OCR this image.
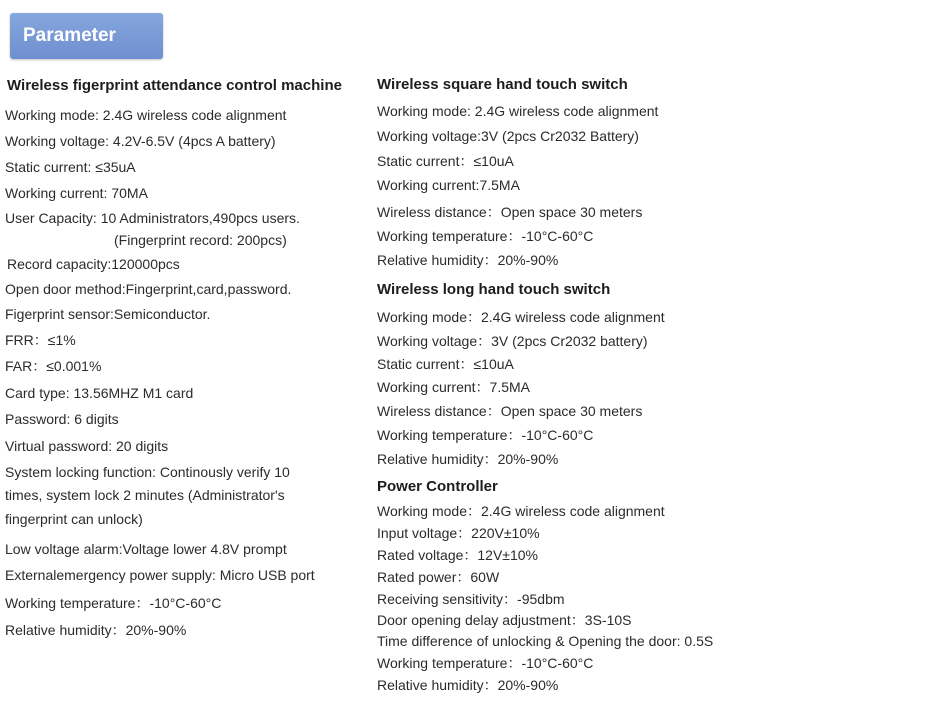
Parameter
Wireless figerprint attendance control machine
Working mode: 2.4G wireless code alignment
Working voltage: 4.2V-6.5V (4pcs A battery)
Static current: ≤35uA
Working current: 70MA
User Capacity: 10 Administrators,490pcs users.
(Fingerprint record: 200pcs)
Record capacity:120000pcs
Open door method:Fingerprint,card,password.
Figerprint sensor:Semiconductor.
FRR：≤1%
FAR：≤0.001%
Card type: 13.56MHZ M1 card
Password: 6 digits
Virtual password: 20 digits
System locking function: Continously verify 10
times, system lock 2 minutes (Administrator's
fingerprint can unlock)
Low voltage alarm:Voltage lower 4.8V prompt
Externalemergency power supply: Micro USB port
Working temperature：-10°C-60°C
Relative humidity：20%-90%
Wireless square hand touch switch
Working mode: 2.4G wireless code alignment
Working voltage:3V (2pcs Cr2032 Battery)
Static current：≤10uA
Working current:7.5MA
Wireless distance：Open space 30 meters
Working temperature：-10°C-60°C
Relative humidity：20%-90%
Wireless long hand touch switch
Working mode：2.4G wireless code alignment
Working voltage：3V (2pcs Cr2032 battery)
Static current：≤10uA
Working current：7.5MA
Wireless distance：Open space 30 meters
Working temperature：-10°C-60°C
Relative humidity：20%-90%
Power Controller
Working mode：2.4G wireless code alignment
Input voltage：220V±10%
Rated voltage：12V±10%
Rated power：60W
Receiving sensitivity：-95dbm
Door opening delay adjustment：3S-10S
Time difference of unlocking & Opening the door: 0.5S
Working temperature：-10°C-60°C
Relative humidity：20%-90%
